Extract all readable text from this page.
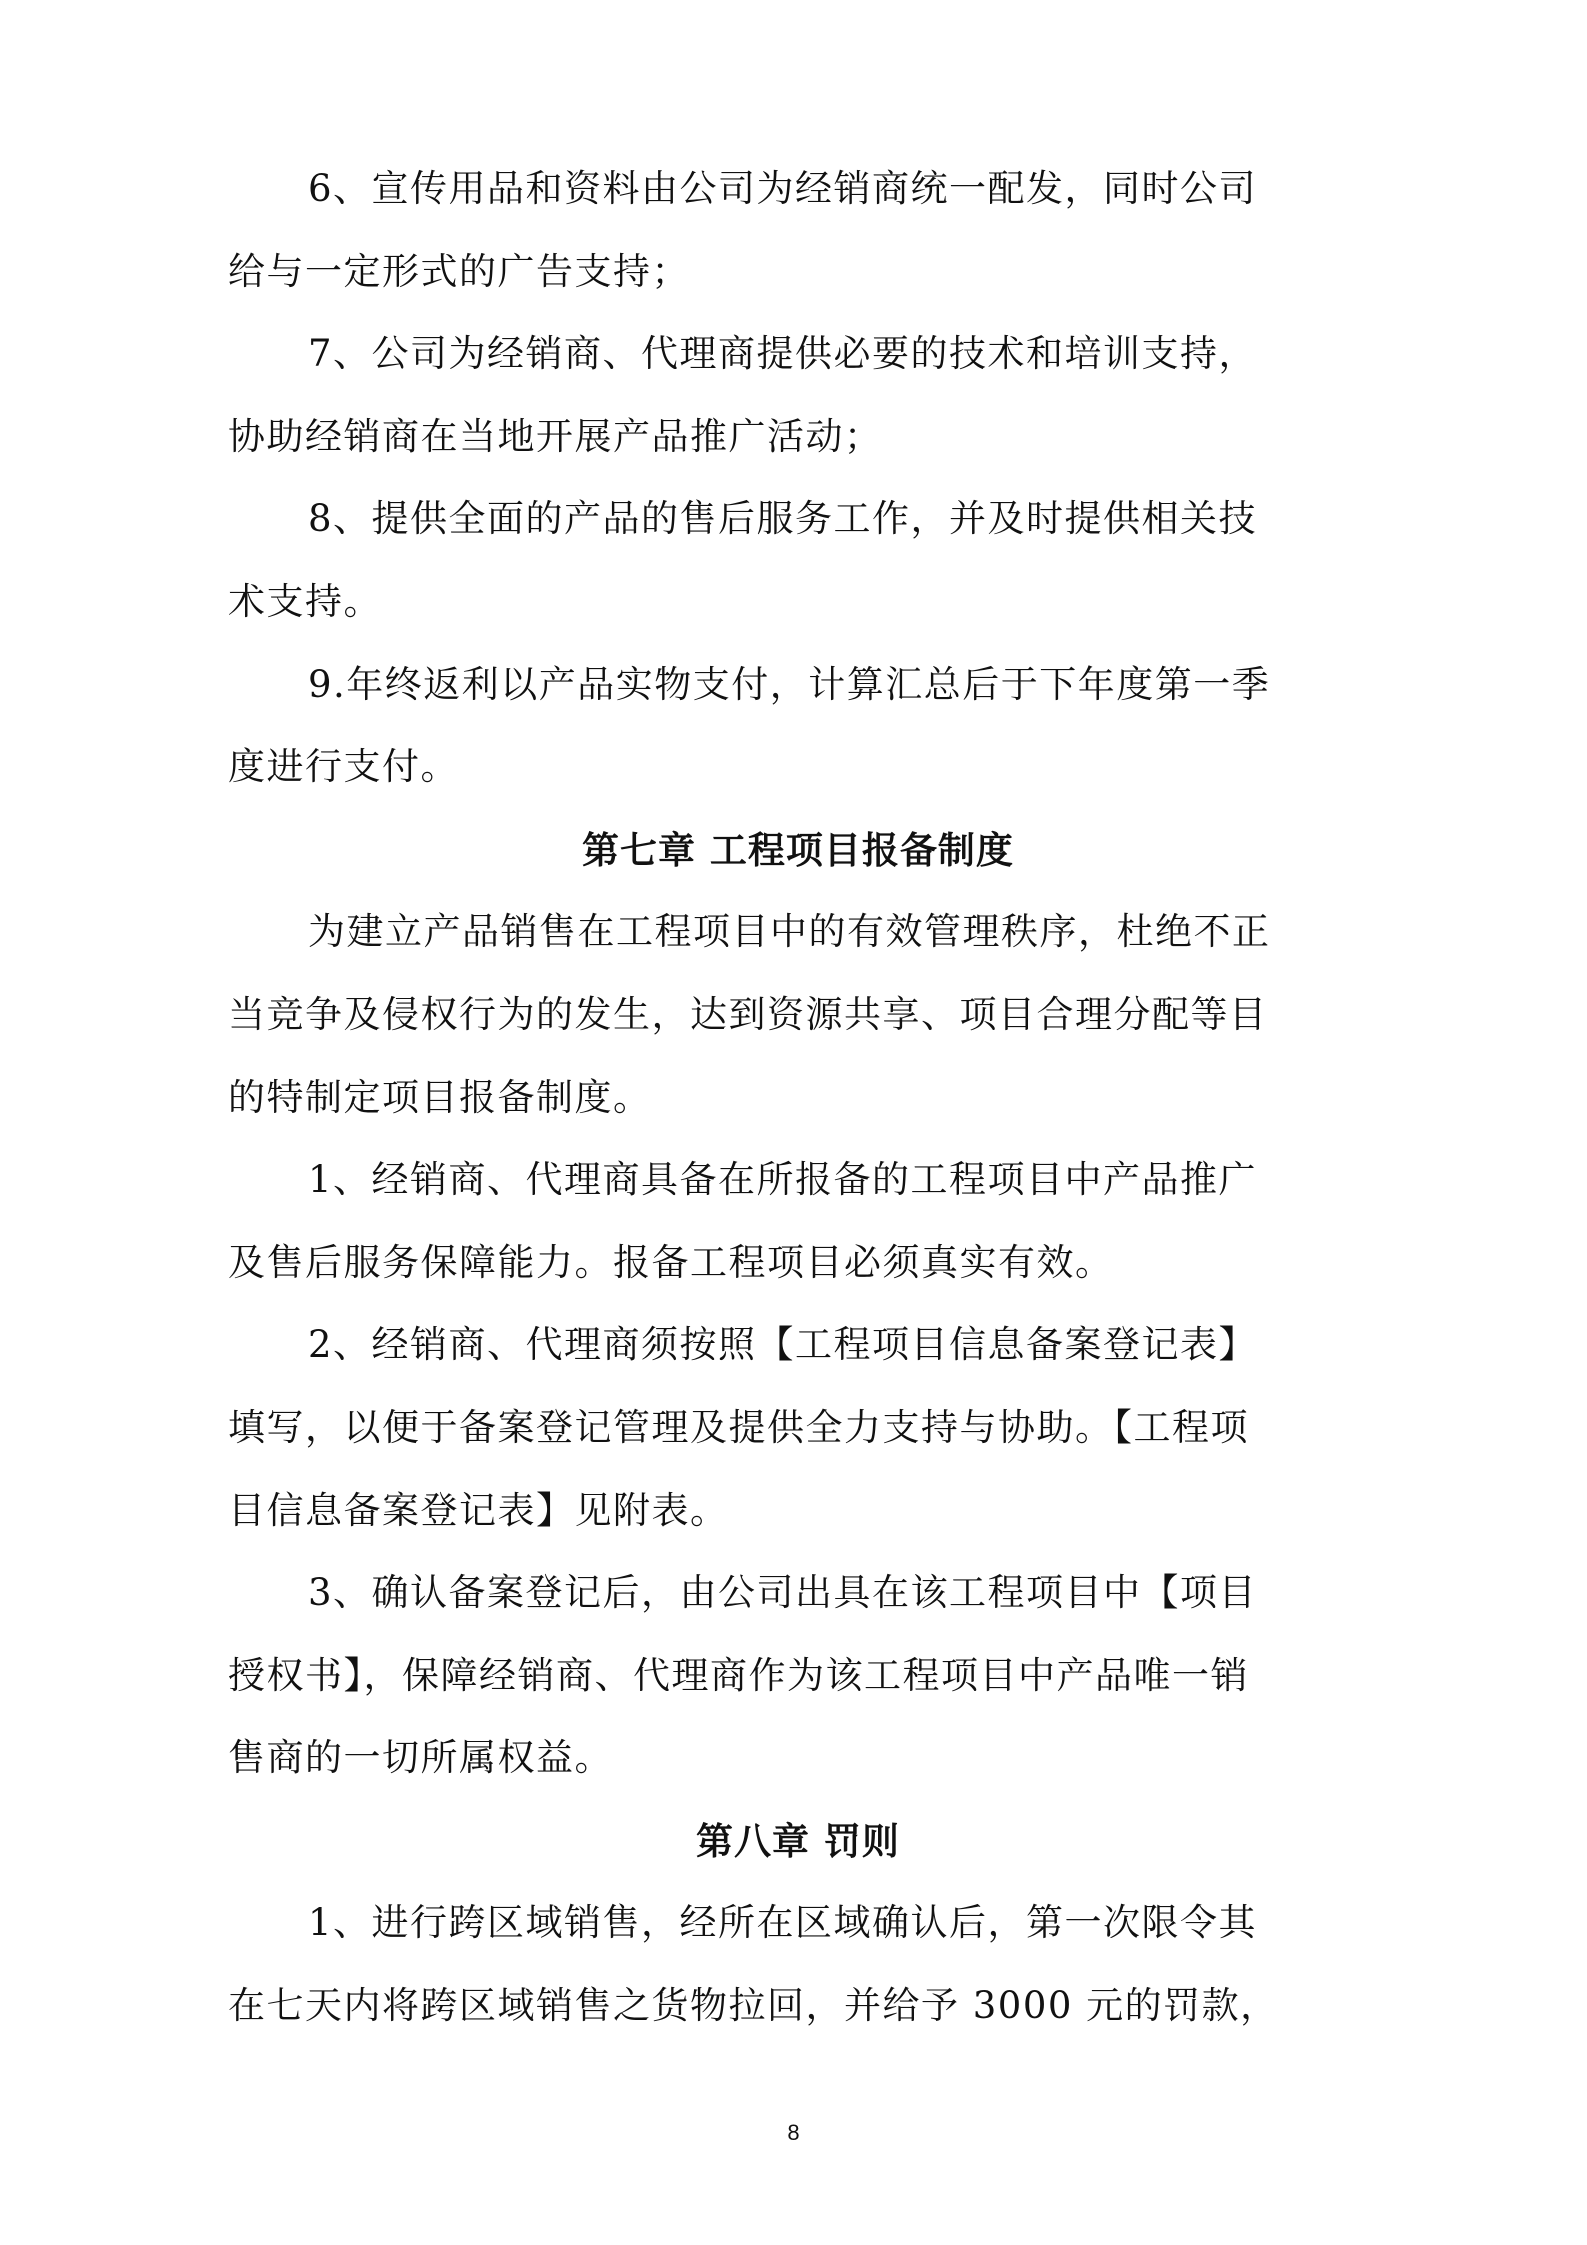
6、宣传用品和资料由公司为经销商统一配发，同时公司
给与一定形式的广告支持；
7、公司为经销商、代理商提供必要的技术和培训支持，
协助经销商在当地开展产品推广活动；
8、提供全面的产品的售后服务工作，并及时提供相关技
术支持。
9.年终返利以产品实物支付，计算汇总后于下年度第一季
度进行支付。
第七章 工程项目报备制度
为建立产品销售在工程项目中的有效管理秩序，杜绝不正
当竞争及侵权行为的发生，达到资源共享、项目合理分配等目
的特制定项目报备制度。
1、经销商、代理商具备在所报备的工程项目中产品推广
及售后服务保障能力。报备工程项目必须真实有效。
2、经销商、代理商须按照【工程项目信息备案登记表】
填写，以便于备案登记管理及提供全力支持与协助。【工程项
目信息备案登记表】见附表。
3、确认备案登记后，由公司出具在该工程项目中【项目
授权书】，保障经销商、代理商作为该工程项目中产品唯一销
售商的一切所属权益。
第八章 罚则
1、进行跨区域销售，经所在区域确认后，第一次限令其
在七天内将跨区域销售之货物拉回，并给予 3000 元的罚款，
8
